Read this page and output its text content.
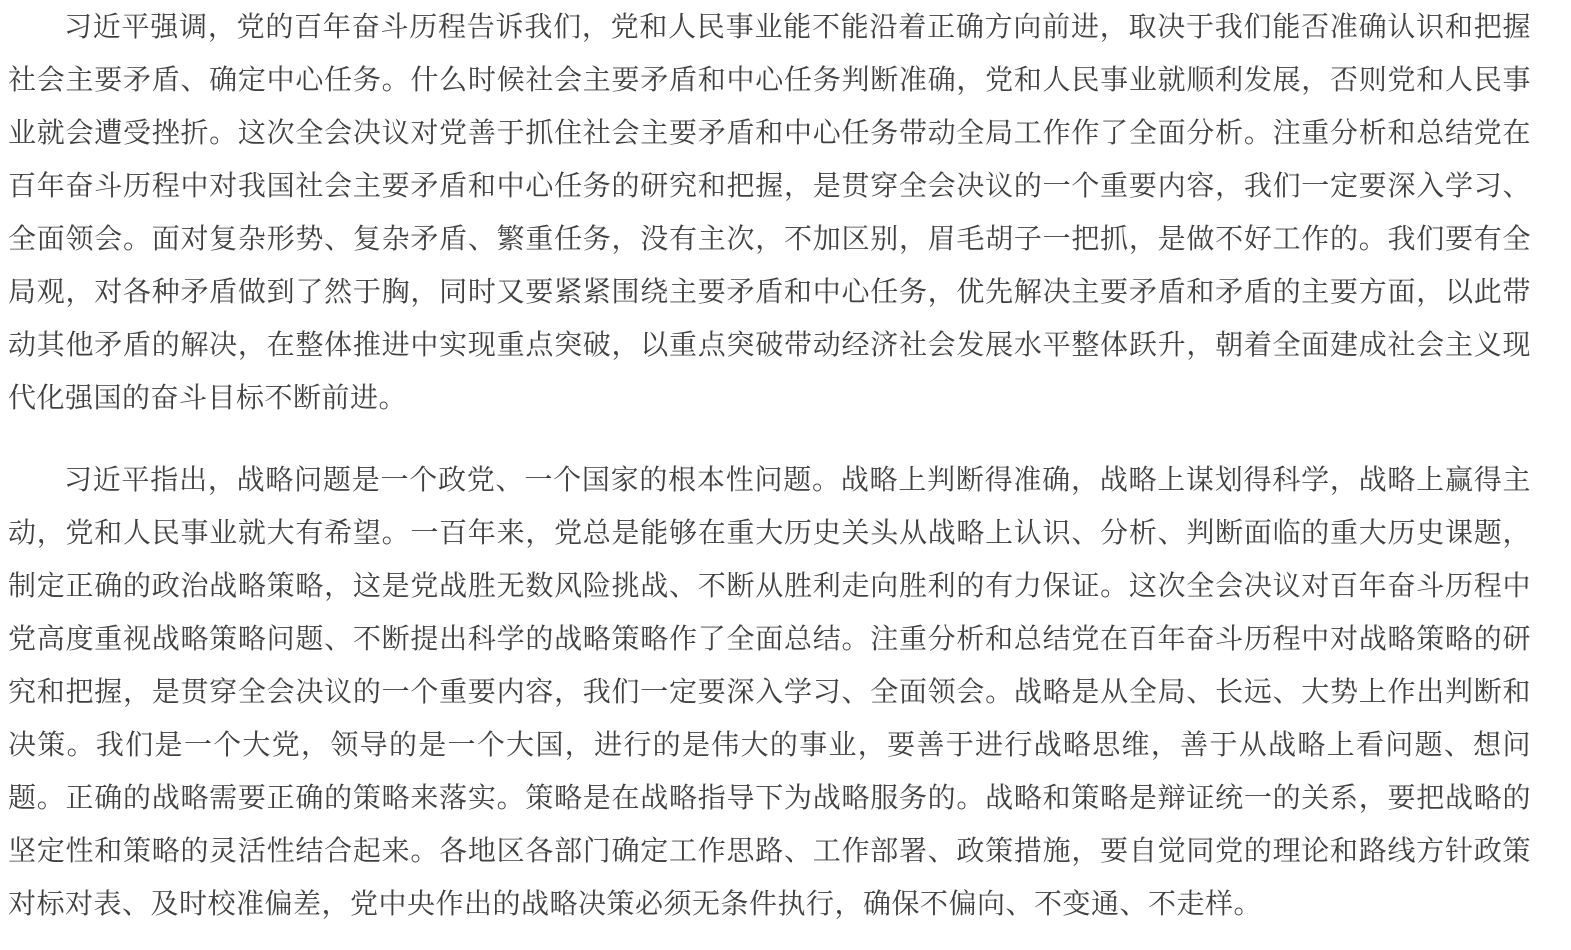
习近平强调，党的百年奋斗历程告诉我们，党和人民事业能不能沿着正确方向前进，取决于我们能否准确认识和把握社会主要矛盾、确定中心任务。什么时候社会主要矛盾和中心任务判断准确，党和人民事业就顺利发展，否则党和人民事业就会遭受挫折。这次全会决议对党善于抓住社会主要矛盾和中心任务带动全局工作作了全面分析。注重分析和总结党在百年奋斗历程中对我国社会主要矛盾和中心任务的研究和把握，是贯穿全会决议的一个重要内容，我们一定要深入学习、全面领会。面对复杂形势、复杂矛盾、繁重任务，没有主次，不加区别，眉毛胡子一把抓，是做不好工作的。我们要有全局观，对各种矛盾做到了然于胸，同时又要紧紧围绕主要矛盾和中心任务，优先解决主要矛盾和矛盾的主要方面，以此带动其他矛盾的解决，在整体推进中实现重点突破，以重点突破带动经济社会发展水平整体跃升，朝着全面建成社会主义现代化强国的奋斗目标不断前进。

习近平指出，战略问题是一个政党、一个国家的根本性问题。战略上判断得准确，战略上谋划得科学，战略上赢得主动，党和人民事业就大有希望。一百年来，党总是能够在重大历史关头从战略上认识、分析、判断面临的重大历史课题，制定正确的政治战略策略，这是党战胜无数风险挑战、不断从胜利走向胜利的有力保证。这次全会决议对百年奋斗历程中党高度重视战略策略问题、不断提出科学的战略策略作了全面总结。注重分析和总结党在百年奋斗历程中对战略策略的研究和把握，是贯穿全会决议的一个重要内容，我们一定要深入学习、全面领会。战略是从全局、长远、大势上作出判断和决策。我们是一个大党，领导的是一个大国，进行的是伟大的事业，要善于进行战略思维，善于从战略上看问题、想问题。正确的战略需要正确的策略来落实。策略是在战略指导下为战略服务的。战略和策略是辩证统一的关系，要把战略的坚定性和策略的灵活性结合起来。各地区各部门确定工作思路、工作部署、政策措施，要自觉同党的理论和路线方针政策对标对表、及时校准偏差，党中央作出的战略决策必须无条件执行，确保不偏向、不变通、不走样。
